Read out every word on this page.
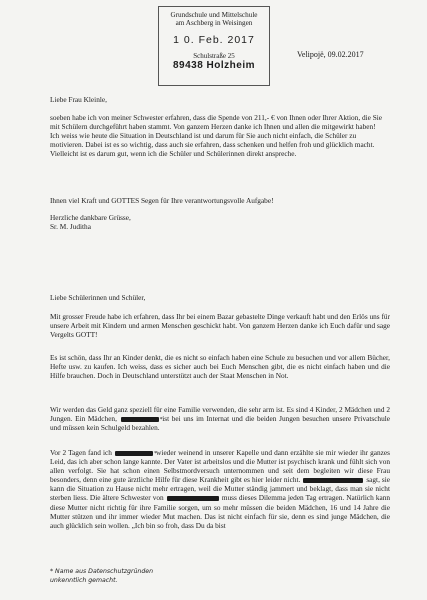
Grundschule und Mittelschule
am Aschberg in Weisingen
1 0. Feb. 2017
Schulstraße 25
89438 Holzheim
Velipojë, 09.02.2017
Liebe Frau Kleinle,

soeben habe ich von meiner Schwester erfahren, dass die Spende von 211,- € von Ihnen oder Ihrer Aktion, die Sie mit Schülern durchgeführt haben stammt. Von ganzem Herzen danke ich Ihnen und allen die mitgewirkt haben!

Ich weiss wie heute die Situation in Deutschland ist und darum für Sie auch nicht einfach, die Schüler zu motivieren. Dabei ist es so wichtig, dass auch sie erfahren, dass schenken und helfen froh und glücklich macht.

Vielleicht ist es darum gut, wenn ich die Schüler und Schülerinnen direkt anspreche.

Ihnen viel Kraft und GOTTES Segen für Ihre verantwortungsvolle Aufgabe!

Herzliche dankbare Grüsse,

Sr. M. Juditha

Liebe Schülerinnen und Schüler,
Mit grosser Freude habe ich erfahren, dass Ihr bei einem Bazar gebastelte Dinge verkauft habt und den Erlös uns für unsere Arbeit mit Kindern und armen Menschen geschickt habt. Von ganzem Herzen danke ich Euch dafür und sage Vergelts GOTT!
Es ist schön, dass Ihr an Kinder denkt, die es nicht so einfach haben eine Schule zu besuchen und vor allem Bücher, Hefte usw. zu kaufen. Ich weiss, dass es sicher auch bei Euch Menschen gibt, die es nicht einfach haben und die Hilfe brauchen. Doch in Deutschland unterstützt auch der Staat Menschen in Not.
Wir werden das Geld ganz speziell für eine Familie verwenden, die sehr arm ist. Es sind 4 Kinder, 2 Mädchen und 2 Jungen. Ein Mädchen, *	ist bei uns im Internat und die beiden Jungen besuchen unsere Privatschule und müssen kein Schulgeld bezahlen.
Vor 2 Tagen fand ich *	wieder weinend in unserer Kapelle und dann erzählte sie mir wieder ihr ganzes Leid, das ich aber schon lange kannte. Der Vater ist arbeitslos und die Mutter ist psychisch krank und fühlt sich von allen verfolgt. Sie hat schon einen Selbstmordversuch unternommen und seit dem begleiten wir diese Frau besonders, denn eine gute ärztliche Hilfe für diese Krankheit gibt es hier leider nicht. *	sagt, sie kann die Situation zu Hause nicht mehr ertragen, weil die Mutter ständig jammert und beklagt, dass man sie nicht sterben liess. Die ältere Schwester von	muss dieses Dilemma jeden Tag ertragen. Natürlich kann diese Mutter nicht richtig für ihre Familie sorgen, um so mehr müssen die beiden Mädchen, 16 und 14 Jahre die Mutter stützen und ihr immer wieder Mut machen. Das ist nicht einfach für sie, denn es sind junge Mädchen, die auch glücklich sein wollen. „Ich bin so froh, dass Du da bist
* Name aus Datenschutzgründen
unkenntlich gemacht.
